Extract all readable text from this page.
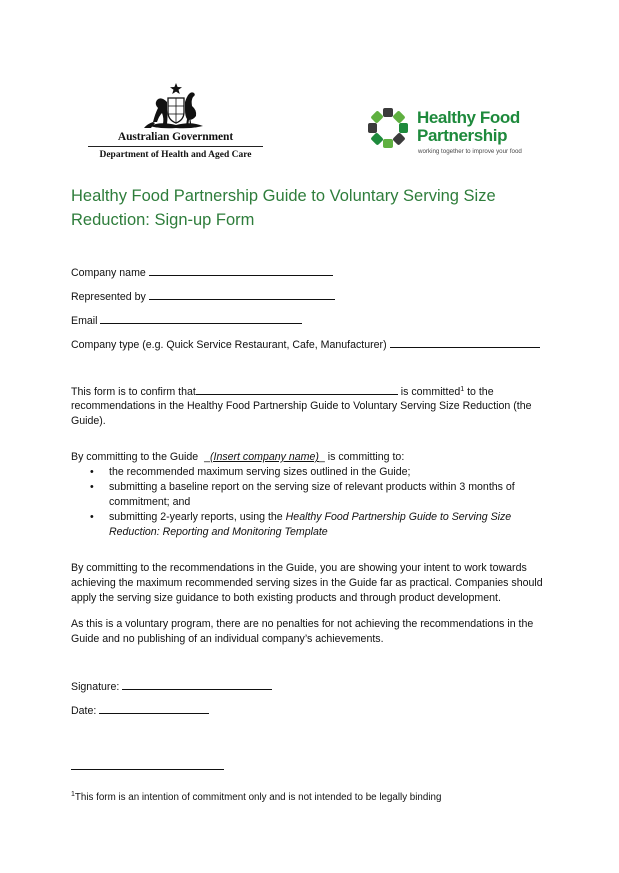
Australian Government
Department of Health and Aged Care
Healthy Food
Partnership
working together to improve your food
Healthy Food Partnership Guide to Voluntary Serving Size Reduction: Sign-up Form
Company name
Represented by
Email
Company type (e.g. Quick Service Restaurant, Cafe, Manufacturer)
This form is to confirm that	is committed$^1$ to the
recommendations in the Healthy Food Partnership Guide to Voluntary Serving Size Reduction (the
Guide).
By committing to the Guide  _(Insert company name)_ is committing to:
• the recommended maximum serving sizes outlined in the Guide;
• submitting a baseline report on the serving size of relevant products within 3 months of commitment; and
• submitting 2-yearly reports, using the Healthy Food Partnership Guide to Serving Size Reduction: Reporting and Monitoring Template

By committing to the recommendations in the Guide, you are showing your intent to work towards achieving the maximum recommended serving sizes in the Guide far as practical. Companies should apply the serving size guidance to both existing products and through product development.

As this is a voluntary program, there are no penalties for not achieving the recommendations in the Guide and no publishing of an individual company’s achievements.

Signature:
Date:
$^1$This form is an intention of commitment only and is not intended to be legally binding
